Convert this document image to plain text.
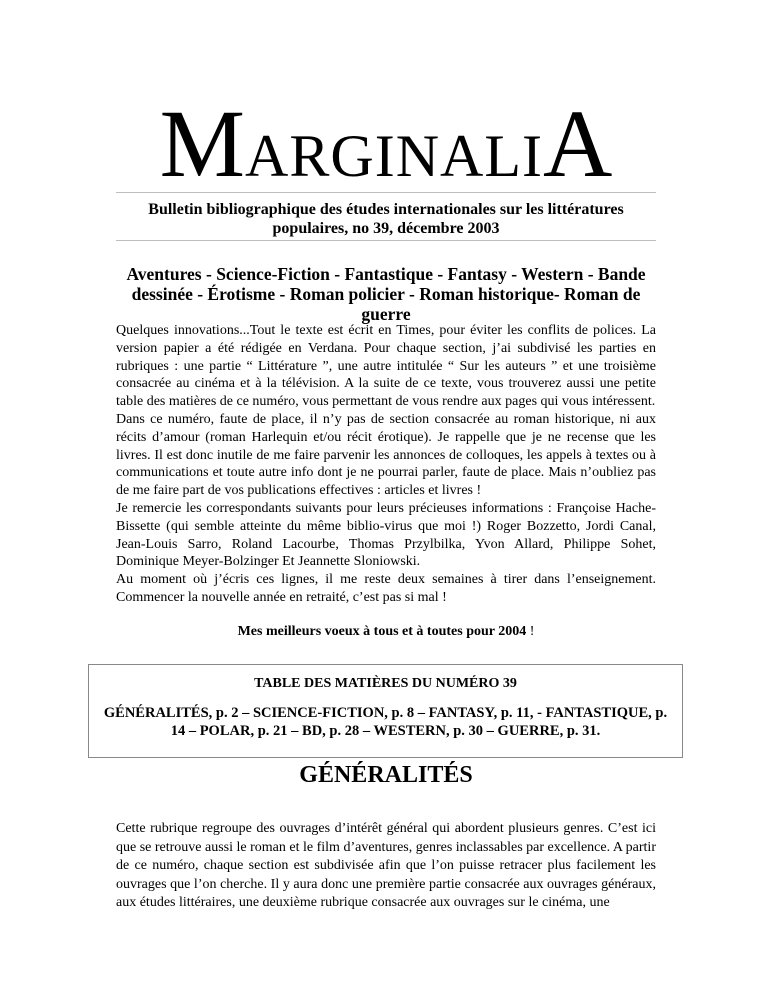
MARGINALIA
Bulletin bibliographique des études internationales sur les littératures populaires, no 39, décembre 2003
Aventures - Science-Fiction - Fantastique - Fantasy - Western - Bande dessinée - Érotisme - Roman policier - Roman historique- Roman de guerre

Quelques innovations...Tout le texte est écrit en Times, pour éviter les conflits de polices. La version papier a été rédigée en Verdana. Pour chaque section, j’ai subdivisé les parties en rubriques : une partie “ Littérature ”, une autre intitulée “ Sur les auteurs ” et une troisième consacrée au cinéma et à la télévision. A la suite de ce texte, vous trouverez aussi une petite table des matières de ce numéro, vous permettant de vous rendre aux pages qui vous intéressent.

Dans ce numéro, faute de place, il n’y pas de section consacrée au roman historique, ni aux récits d’amour (roman Harlequin et/ou récit érotique). Je rappelle que je ne recense que les livres. Il est donc inutile de me faire parvenir les annonces de colloques, les appels à textes ou à communications et toute autre info dont je ne pourrai parler, faute de place. Mais n’oubliez pas de me faire part de vos publications effectives : articles et livres !

Je remercie les correspondants suivants pour leurs précieuses informations : Françoise Hache-Bissette (qui semble atteinte du même biblio-virus que moi !) Roger Bozzetto, Jordi Canal, Jean-Louis Sarro, Roland Lacourbe, Thomas Przylbilka, Yvon Allard, Philippe Sohet, Dominique Meyer-Bolzinger Et Jeannette Sloniowski.

Au moment où j’écris ces lignes, il me reste deux semaines à tirer dans l’enseignement. Commencer la nouvelle année en retraité, c’est pas si mal !

Mes meilleurs voeux à tous et à toutes pour 2004 !
TABLE DES MATIÈRES DU NUMÉRO 39
GÉNÉRALITÉS, p. 2 – SCIENCE-FICTION, p. 8 – FANTASY, p. 11, - FANTASTIQUE, p. 14 – POLAR, p. 21 – BD, p. 28 – WESTERN, p. 30 – GUERRE, p. 31.
GÉNÉRALITÉS

Cette rubrique regroupe des ouvrages d’intérêt général qui abordent plusieurs genres. C’est ici que se retrouve aussi le roman et le film d’aventures, genres inclassables par excellence. A partir de ce numéro, chaque section est subdivisée afin que l’on puisse retracer plus facilement les ouvrages que l’on cherche. Il y aura donc une première partie consacrée aux ouvrages généraux, aux études littéraires, une deuxième rubrique consacrée aux ouvrages sur le cinéma, une
